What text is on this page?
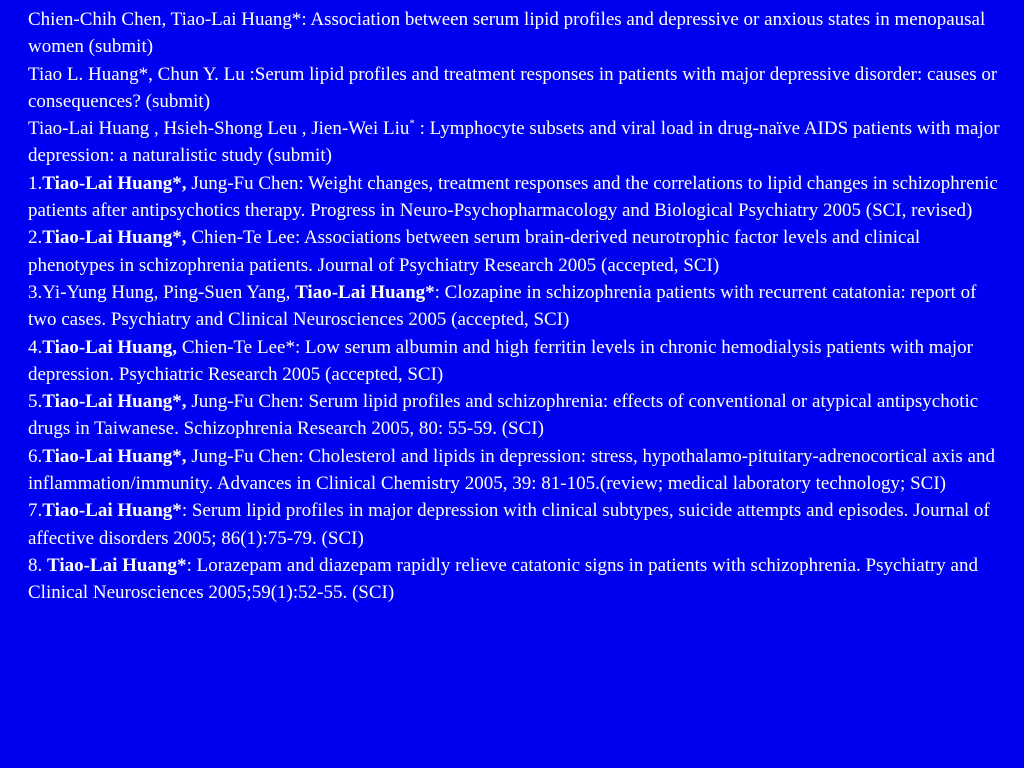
Chien-Chih Chen, Tiao-Lai Huang*: Association between serum lipid profiles and depressive or anxious states in menopausal women (submit)
Tiao L. Huang*, Chun Y. Lu :Serum lipid profiles and treatment responses in patients with major depressive disorder: causes or consequences? (submit)
Tiao-Lai Huang , Hsieh-Shong Leu , Jien-Wei Liu* : Lymphocyte subsets and viral load in drug-naïve AIDS patients with major depression: a naturalistic study (submit)
1.Tiao-Lai Huang*, Jung-Fu Chen: Weight changes, treatment responses and the correlations to lipid changes in schizophrenic patients after antipsychotics therapy. Progress in Neuro-Psychopharmacology and Biological Psychiatry 2005 (SCI, revised)
2.Tiao-Lai Huang*, Chien-Te Lee: Associations between serum brain-derived neurotrophic factor levels and clinical phenotypes in schizophrenia patients. Journal of Psychiatry Research 2005 (accepted, SCI)
3.Yi-Yung Hung, Ping-Suen Yang, Tiao-Lai Huang*: Clozapine in schizophrenia patients with recurrent catatonia: report of two cases. Psychiatry and Clinical Neurosciences 2005 (accepted, SCI)
4.Tiao-Lai Huang, Chien-Te Lee*: Low serum albumin and high ferritin levels in chronic hemodialysis patients with major depression. Psychiatric Research 2005 (accepted, SCI)
5.Tiao-Lai Huang*, Jung-Fu Chen: Serum lipid profiles and schizophrenia: effects of conventional or atypical antipsychotic drugs in Taiwanese. Schizophrenia Research 2005, 80: 55-59. (SCI)
6.Tiao-Lai Huang*, Jung-Fu Chen: Cholesterol and lipids in depression: stress, hypothalamo-pituitary-adrenocortical axis and inflammation/immunity. Advances in Clinical Chemistry 2005, 39: 81-105.(review; medical laboratory technology; SCI)
7.Tiao-Lai Huang*: Serum lipid profiles in major depression with clinical subtypes, suicide attempts and episodes. Journal of affective disorders 2005; 86(1):75-79. (SCI)
8. Tiao-Lai Huang*: Lorazepam and diazepam rapidly relieve catatonic signs in patients with schizophrenia. Psychiatry and Clinical Neurosciences 2005;59(1):52-55. (SCI)
